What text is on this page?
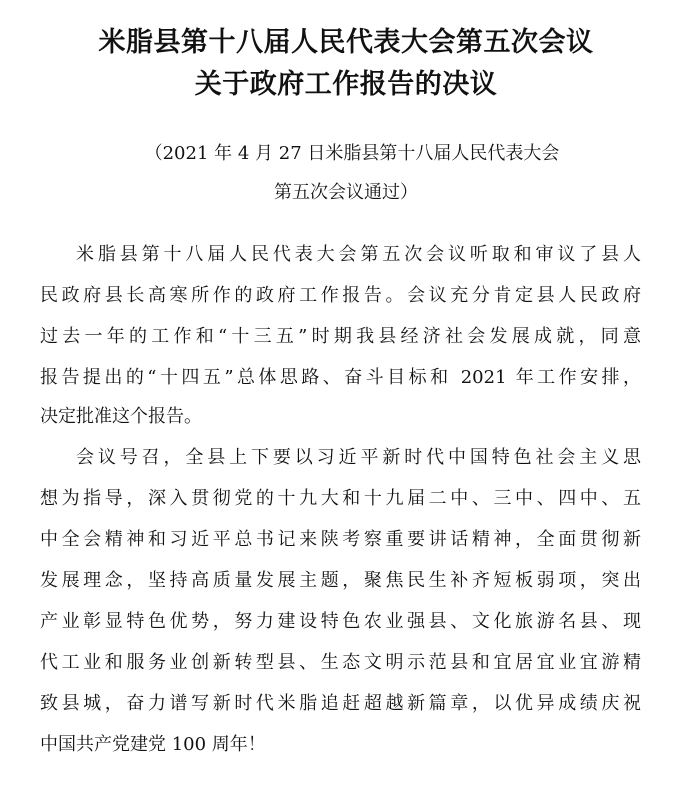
米脂县第十八届人民代表大会第五次会议
关于政府工作报告的决议
（2021 年 4 月 27 日米脂县第十八届人民代表大会
第五次会议通过）
米脂县第十八届人民代表大会第五次会议听取和审议了县人
民政府县长高寒所作的政府工作报告。会议充分肯定县人民政府
过去一年的工作和“十三五”时期我县经济社会发展成就，同意
报告提出的“十四五”总体思路、奋斗目标和 2021 年工作安排，
决定批准这个报告。
会议号召，全县上下要以习近平新时代中国特色社会主义思
想为指导，深入贯彻党的十九大和十九届二中、三中、四中、五
中全会精神和习近平总书记来陕考察重要讲话精神，全面贯彻新
发展理念，坚持高质量发展主题，聚焦民生补齐短板弱项，突出
产业彰显特色优势，努力建设特色农业强县、文化旅游名县、现
代工业和服务业创新转型县、生态文明示范县和宜居宜业宜游精
致县城，奋力谱写新时代米脂追赶超越新篇章，以优异成绩庆祝
中国共产党建党 100 周年！
